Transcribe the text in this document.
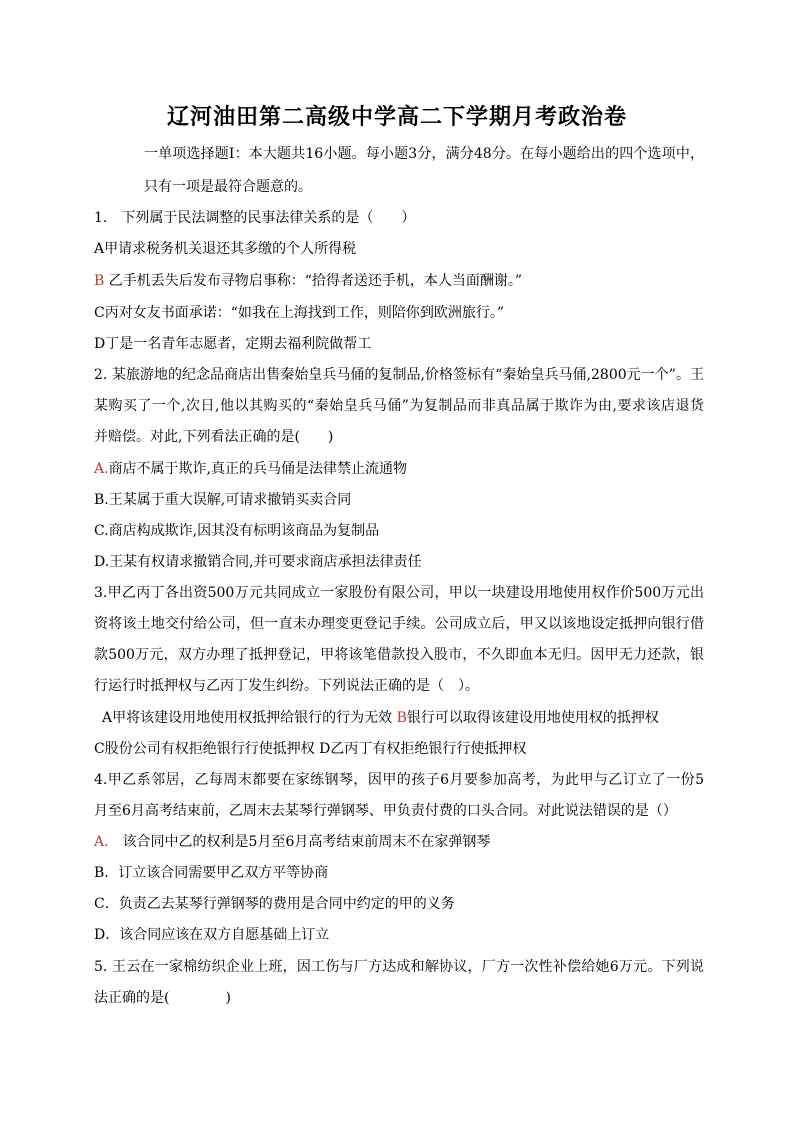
辽河油田第二高级中学高二下学期月考政治卷
一单项选择题Ⅰ：本大题共16小题。每小题3分，满分48分。在每小题给出的四个选项中，
只有一项是最符合题意的。
1. 下列属于民法调整的民事法律关系的是（　　）
A甲请求税务机关退还其多缴的个人所得税
B 乙手机丢失后发布寻物启事称：“拾得者送还手机，本人当面酬谢。”
C丙对女友书面承诺：“如我在上海找到工作，则陪你到欧洲旅行。”
D丁是一名青年志愿者，定期去福利院做帮工
2. 某旅游地的纪念品商店出售秦始皇兵马俑的复制品,价格签标有“秦始皇兵马俑,2800元一个”。王
某购买了一个,次日,他以其购买的“秦始皇兵马俑”为复制品而非真品属于欺诈为由,要求该店退货
并赔偿。对此,下列看法正确的是(　　)
A.商店不属于欺诈,真正的兵马俑是法律禁止流通物
B.王某属于重大误解,可请求撤销买卖合同
C.商店构成欺诈,因其没有标明该商品为复制品
D.王某有权请求撤销合同,并可要求商店承担法律责任
3.甲乙丙丁各出资500万元共同成立一家股份有限公司，甲以一块建设用地使用权作价500万元出
资将该土地交付给公司，但一直未办理变更登记手续。公司成立后，甲又以该地设定抵押向银行借
款500万元，双方办理了抵押登记，甲将该笔借款投入股市，不久即血本无归。因甲无力还款，银
行运行时抵押权与乙丙丁发生纠纷。下列说法正确的是（　）。
A甲将该建设用地使用权抵押给银行的行为无效 B银行可以取得该建设用地使用权的抵押权
C股份公司有权拒绝银行行使抵押权 D乙丙丁有权拒绝银行行使抵押权
4.甲乙系邻居，乙每周末都要在家练钢琴，因甲的孩子6月要参加高考，为此甲与乙订立了一份5
月至6月高考结束前，乙周末去某琴行弹钢琴、甲负责付费的口头合同。对此说法错误的是（）
A. 该合同中乙的权利是5月至6月高考结束前周末不在家弹钢琴
B．订立该合同需要甲乙双方平等协商
C．负责乙去某琴行弹钢琴的费用是合同中约定的甲的义务
D．该合同应该在双方自愿基础上订立
5. 王云在一家棉纺织企业上班，因工伤与厂方达成和解协议，厂方一次性补偿给她6万元。下列说
法正确的是(　　　　)
